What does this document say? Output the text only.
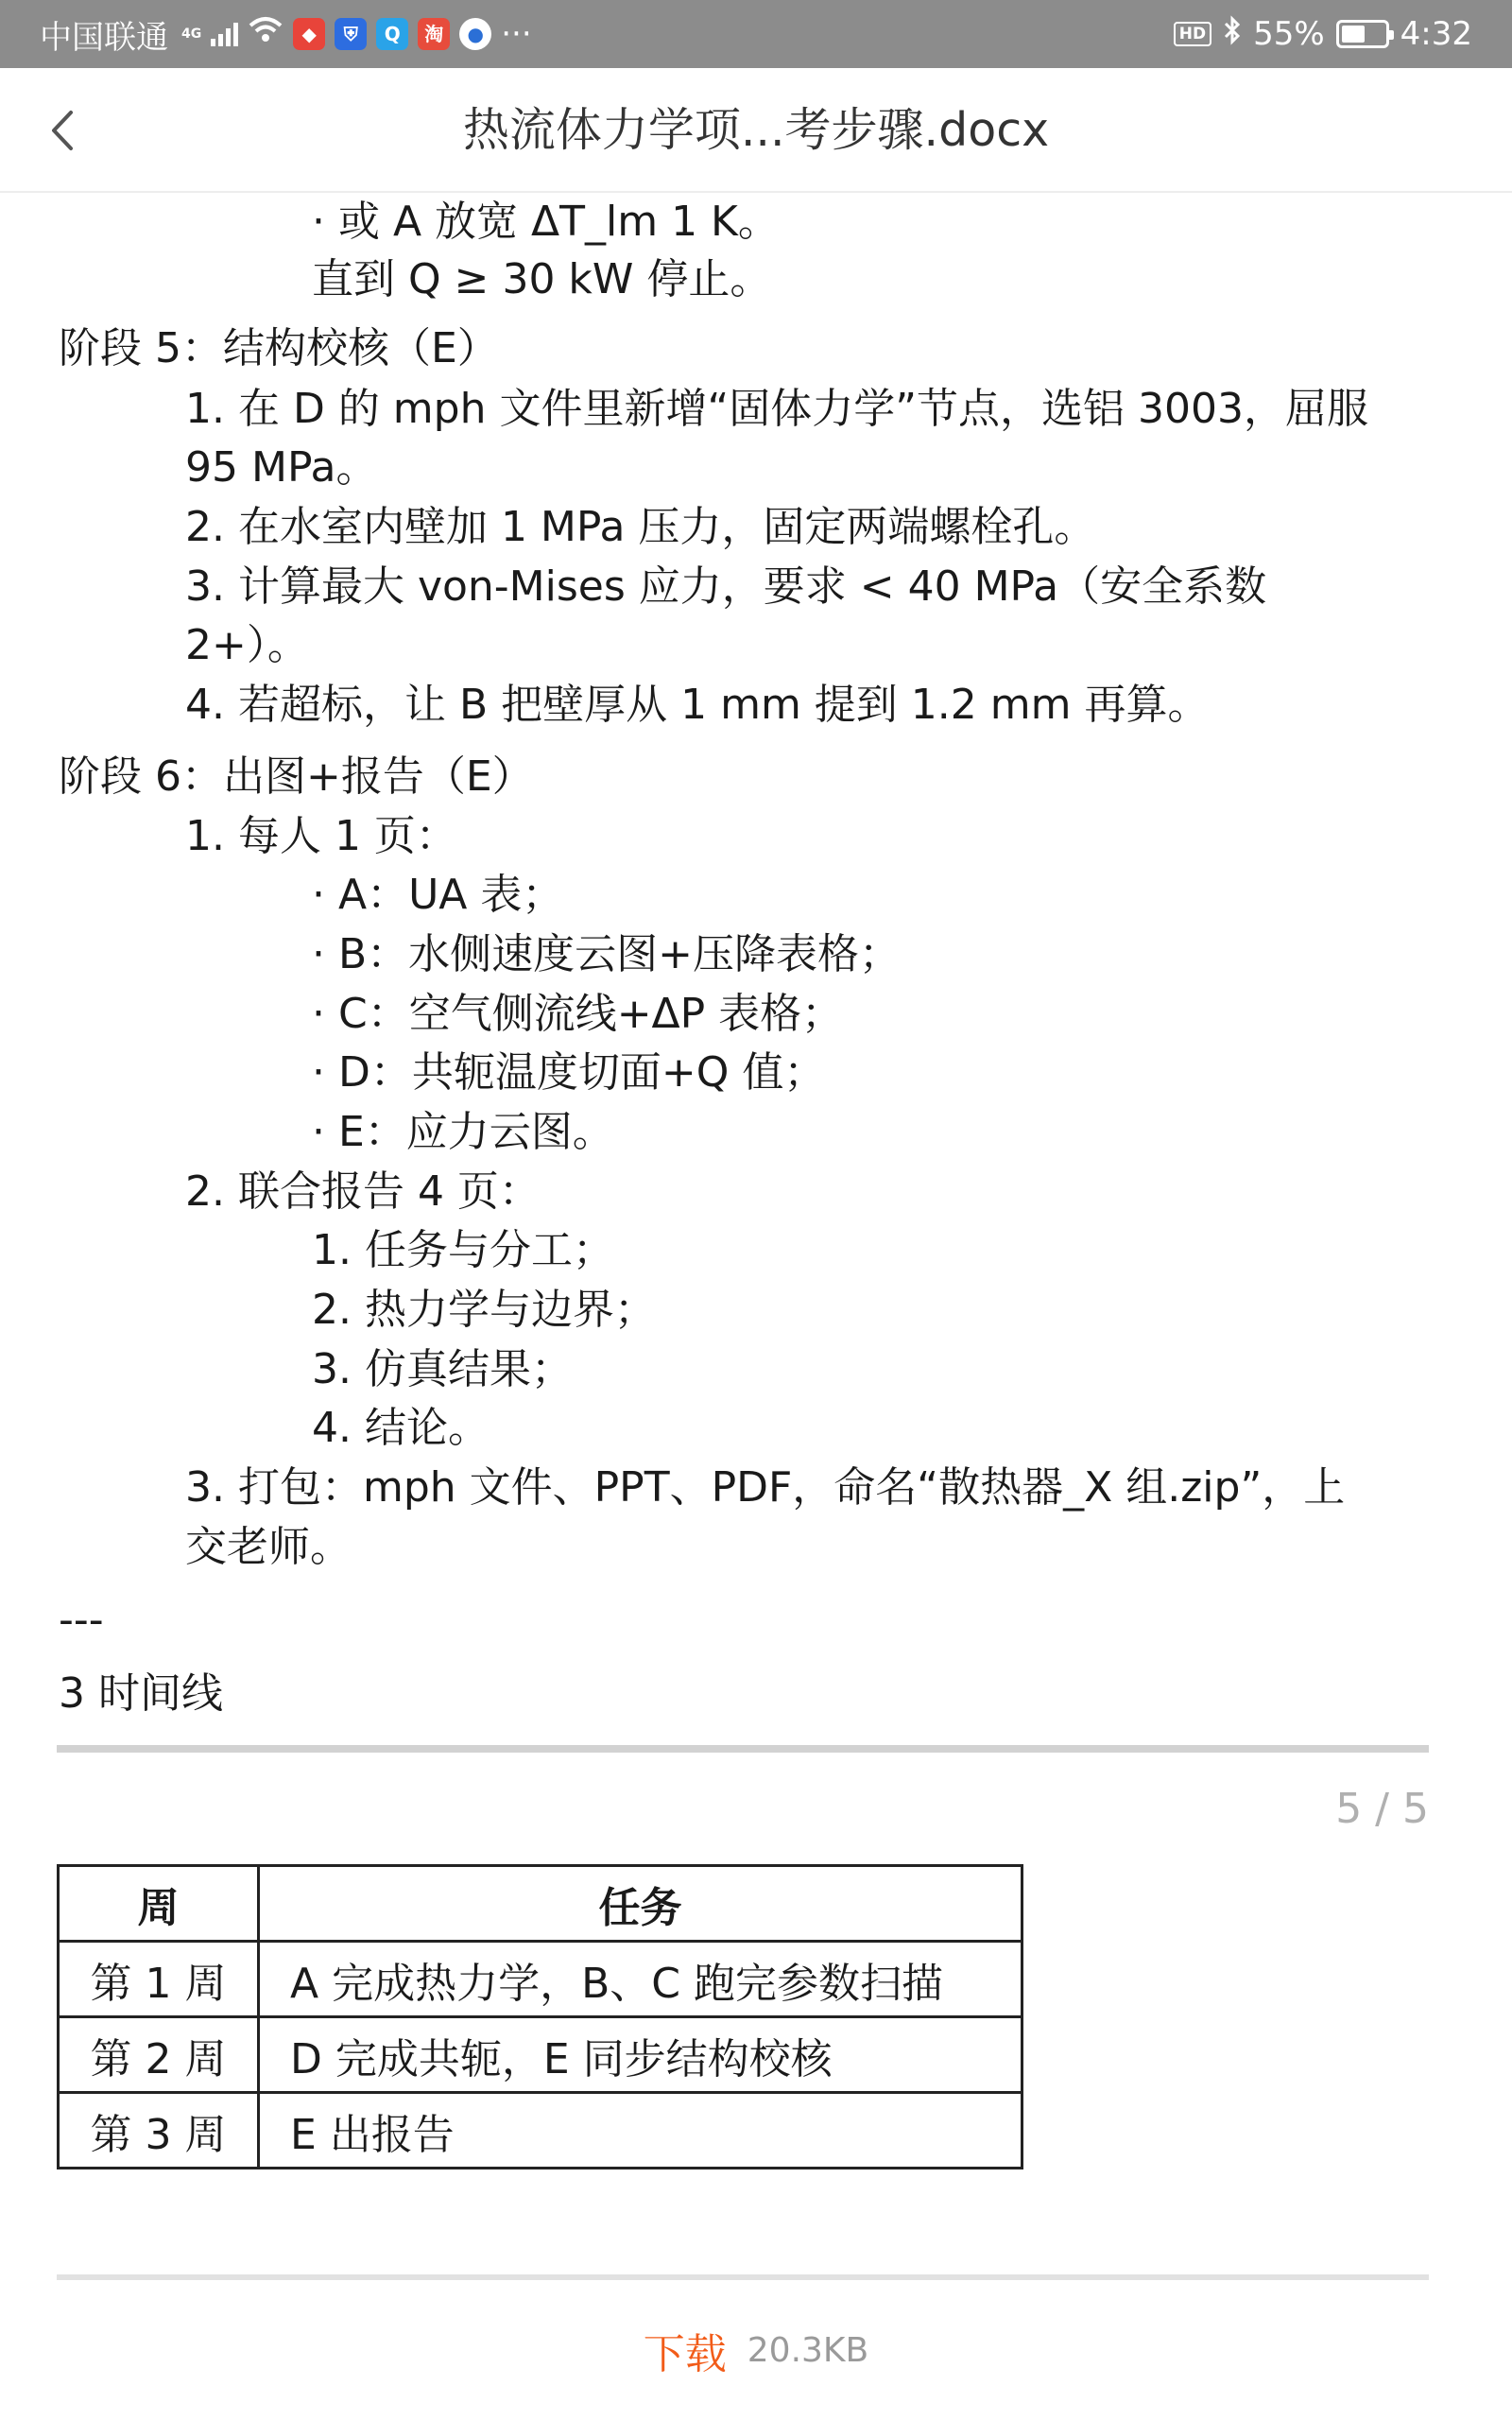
中国联通 4G	◆	⛨	Q	淘	● ···	HD 55% 4:32
热流体力学项...考步骤.docx
· 或 A 放宽 ΔT_lm 1 K。
直到 Q ≥ 30 kW 停止。
阶段 5：结构校核（E）
1. 在 D 的 mph 文件里新增“固体力学”节点，选铝 3003，屈服
95 MPa。
2. 在水室内壁加 1 MPa 压力，固定两端螺栓孔。
3. 计算最大 von-Mises 应力，要求 < 40 MPa（安全系数
2+）。
4. 若超标，让 B 把壁厚从 1 mm 提到 1.2 mm 再算。
阶段 6：出图+报告（E）
1. 每人 1 页：
· A：UA 表；
· B：水侧速度云图+压降表格；
· C：空气侧流线+ΔP 表格；
· D：共轭温度切面+Q 值；
· E：应力云图。
2. 联合报告 4 页：
1. 任务与分工；
2. 热力学与边界；
3. 仿真结果；
4. 结论。
3. 打包：mph 文件、PPT、PDF，命名“散热器_X 组.zip”，上
交老师。
---
3 时间线
5 / 5
周	任务
第 1 周	A 完成热力学，B、C 跑完参数扫描
第 2 周	D 完成共轭，E 同步结构校核
第 3 周	E 出报告
下载 20.3KB
